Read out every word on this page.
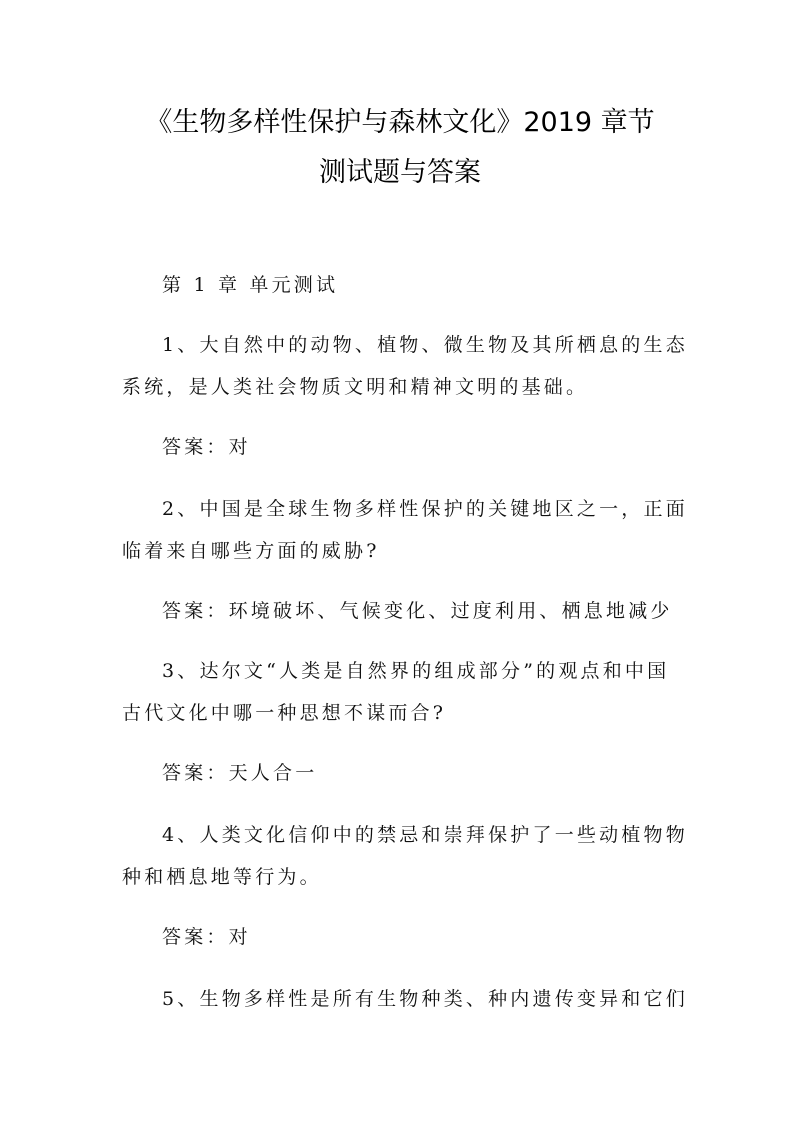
《生物多样性保护与森林文化》2019 章节
测试题与答案
第 1 章 单元测试
1、大自然中的动物、植物、微生物及其所栖息的生态
系统，是人类社会物质文明和精神文明的基础。
答案：对
2、中国是全球生物多样性保护的关键地区之一，正面
临着来自哪些方面的威胁?
答案：环境破坏、气候变化、过度利用、栖息地减少
3、达尔文“人类是自然界的组成部分”的观点和中国
古代文化中哪一种思想不谋而合?
答案：天人合一
4、人类文化信仰中的禁忌和崇拜保护了一些动植物物
种和栖息地等行为。
答案：对
5、生物多样性是所有生物种类、种内遗传变异和它们
